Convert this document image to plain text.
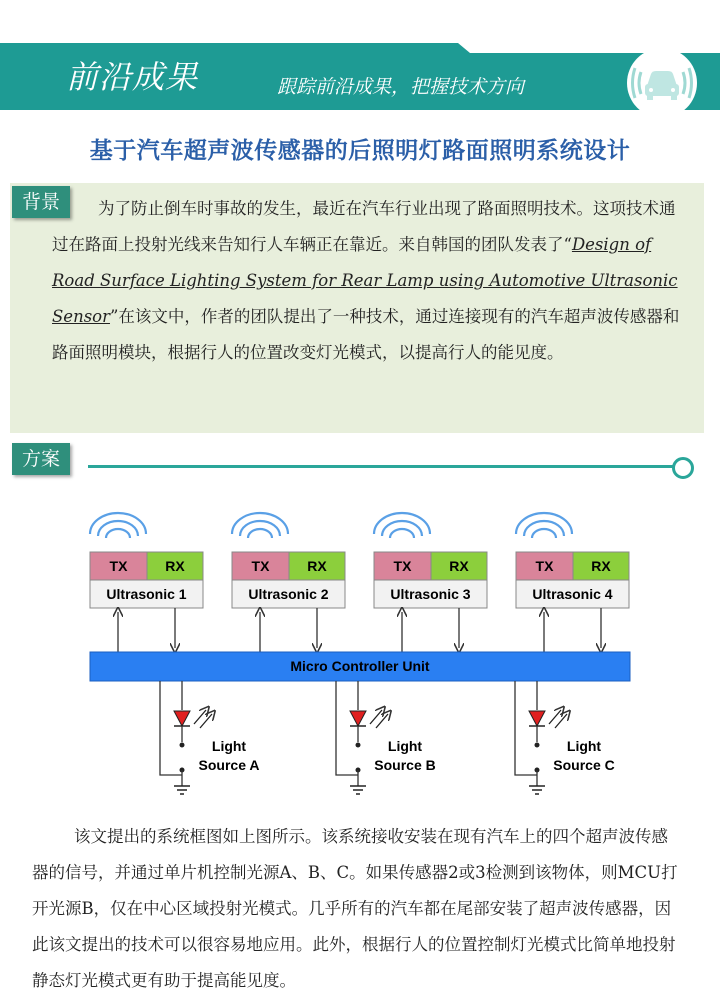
前沿成果	跟踪前沿成果，把握技术方向
基于汽车超声波传感器的后照明灯路面照明系统设计
背景	为了防止倒车时事故的发生，最近在汽车行业出现了路面照明技术。这项技术通过在路面上投射光线来告知行人车辆正在靠近。来自韩国的团队发表了“Design of Road Surface Lighting System for Rear Lamp using Automotive Ultrasonic Sensor”在该文中，作者的团队提出了一种技术，通过连接现有的汽车超声波传感器和路面照明模块，根据行人的位置改变灯光模式，以提高行人的能见度。
方案
TX	RX
Ultrasonic 1
TX	RX
Ultrasonic 2
TX	RX
Ultrasonic 3
TX	RX
Ultrasonic 4
Micro Controller Unit
Light
Source A
Light
Source B
Light
Source C
该文提出的系统框图如上图所示。该系统接收安装在现有汽车上的四个超声波传感器的信号，并通过单片机控制光源A、B、C。如果传感器2或3检测到该物体，则MCU打开光源B，仅在中心区域投射光模式。几乎所有的汽车都在尾部安装了超声波传感器，因此该文提出的技术可以很容易地应用。此外，根据行人的位置控制灯光模式比简单地投射静态灯光模式更有助于提高能见度。
